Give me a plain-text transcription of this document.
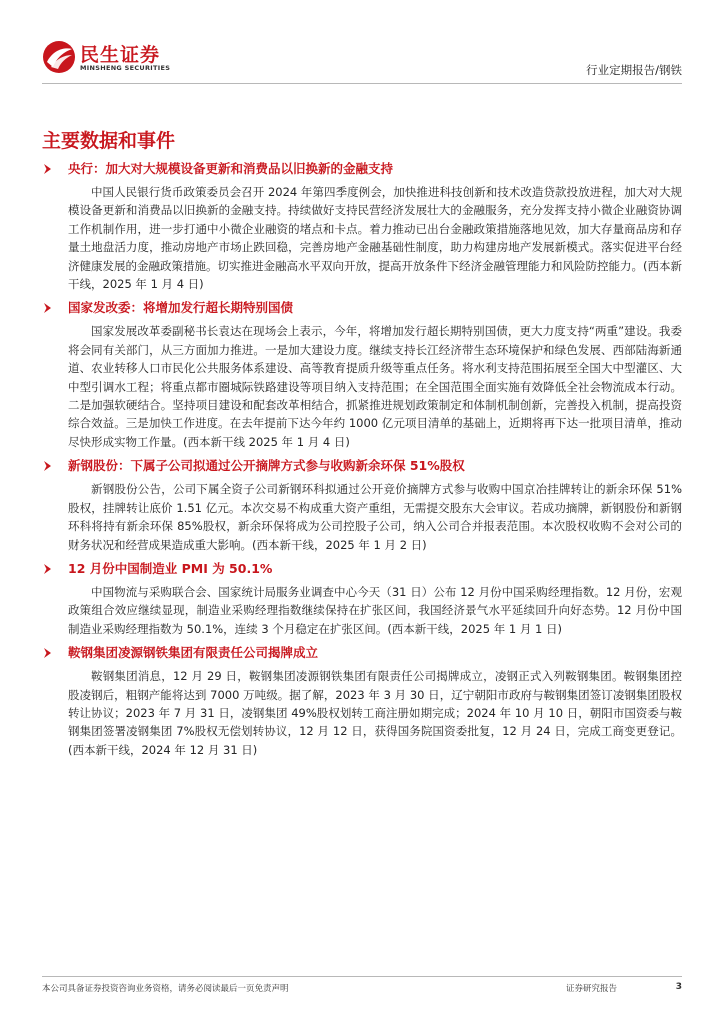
民生证券
MINSHENG SECURITIES	行业定期报告/钢铁
主要数据和事件
央行：加大对大规模设备更新和消费品以旧换新的金融支持

中国人民银行货币政策委员会召开 2024 年第四季度例会，加快推进科技创新和技术改造贷款投放进程，加大对大规模设备更新和消费品以旧换新的金融支持。持续做好支持民营经济发展壮大的金融服务，充分发挥支持小微企业融资协调工作机制作用，进一步打通中小微企业融资的堵点和卡点。着力推动已出台金融政策措施落地见效，加大存量商品房和存量土地盘活力度，推动房地产市场止跌回稳，完善房地产金融基础性制度，助力构建房地产发展新模式。落实促进平台经济健康发展的金融政策措施。切实推进金融高水平双向开放，提高开放条件下经济金融管理能力和风险防控能力。(西本新干线，2025 年 1 月 4 日)

国家发改委：将增加发行超长期特别国债

国家发展改革委副秘书长袁达在现场会上表示，今年，将增加发行超长期特别国债，更大力度支持“两重”建设。我委将会同有关部门，从三方面加力推进。一是加大建设力度。继续支持长江经济带生态环境保护和绿色发展、西部陆海新通道、农业转移人口市民化公共服务体系建设、高等教育提质升级等重点任务。将水利支持范围拓展至全国大中型灌区、大中型引调水工程；将重点都市圈城际铁路建设等项目纳入支持范围；在全国范围全面实施有效降低全社会物流成本行动。二是加强软硬结合。坚持项目建设和配套改革相结合，抓紧推进规划政策制定和体制机制创新，完善投入机制，提高投资综合效益。三是加快工作进度。在去年提前下达今年约 1000 亿元项目清单的基础上，近期将再下达一批项目清单，推动尽快形成实物工作量。(西本新干线 2025 年 1 月 4 日)

新钢股份：下属子公司拟通过公开摘牌方式参与收购新余环保 51%股权

新钢股份公告，公司下属全资子公司新钢环科拟通过公开竞价摘牌方式参与收购中国京冶挂牌转让的新余环保 51%股权，挂牌转让底价 1.51 亿元。本次交易不构成重大资产重组，无需提交股东大会审议。若成功摘牌，新钢股份和新钢环科将持有新余环保 85%股权，新余环保将成为公司控股子公司，纳入公司合并报表范围。本次股权收购不会对公司的财务状况和经营成果造成重大影响。(西本新干线，2025 年 1 月 2 日)

12 月份中国制造业 PMI 为 50.1%

中国物流与采购联合会、国家统计局服务业调查中心今天（31 日）公布 12 月份中国采购经理指数。12 月份，宏观政策组合效应继续显现，制造业采购经理指数继续保持在扩张区间，我国经济景气水平延续回升向好态势。12 月份中国制造业采购经理指数为 50.1%，连续 3 个月稳定在扩张区间。(西本新干线，2025 年 1 月 1 日)

鞍钢集团凌源钢铁集团有限责任公司揭牌成立

鞍钢集团消息，12 月 29 日，鞍钢集团凌源钢铁集团有限责任公司揭牌成立，凌钢正式入列鞍钢集团。鞍钢集团控股凌钢后，粗钢产能将达到 7000 万吨级。据了解，2023 年 3 月 30 日，辽宁朝阳市政府与鞍钢集团签订凌钢集团股权转让协议；2023 年 7 月 31 日，凌钢集团 49%股权划转工商注册如期完成；2024 年 10 月 10 日，朝阳市国资委与鞍钢集团签署凌钢集团 7%股权无偿划转协议，12 月 12 日，获得国务院国资委批复，12 月 24 日，完成工商变更登记。(西本新干线，2024 年 12 月 31 日)

本公司具备证券投资咨询业务资格，请务必阅读最后一页免责声明	证券研究报告	3
